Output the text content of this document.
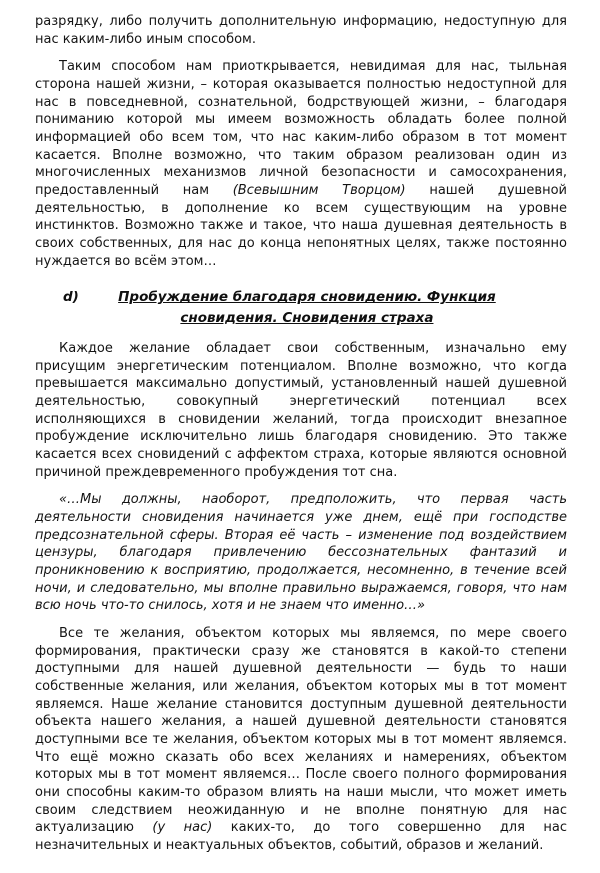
разрядку, либо получить дополнительную информацию, недоступную для нас каким-либо иным способом.

Таким способом нам приоткрывается, невидимая для нас, тыльная сторона нашей жизни, – которая оказывается полностью недоступной для нас в повседневной, сознательной, бодрствующей жизни, – благодаря пониманию которой мы имеем возможность обладать более полной информацией обо всем том, что нас каким-либо образом в тот момент касается. Вполне возможно, что таким образом реализован один из многочисленных механизмов личной безопасности и самосохранения, предоставленный нам (Всевышним Творцом) нашей душевной деятельностью, в дополнение ко всем существующим на уровне инстинктов. Возможно также и такое, что наша душевная деятельность в своих собственных, для нас до конца непонятных целях, также постоянно нуждается во всём этом…

d)	Пробуждение благодаря сновидению. Функция сновидения. Сновидения страха

Каждое желание обладает свои собственным, изначально ему присущим энергетическим потенциалом. Вполне возможно, что когда превышается максимально допустимый, установленный нашей душевной деятельностью, совокупный энергетический потенциал всех исполняющихся в сновидении желаний, тогда происходит внезапное пробуждение исключительно лишь благодаря сновидению. Это также касается всех сновидений с аффектом страха, которые являются основной причиной преждевременного пробуждения тот сна.

«…Мы должны, наоборот, предположить, что первая часть деятельности сновидения начинается уже днем, ещё при господстве предсознательной сферы. Вторая её часть – изменение под воздействием цензуры, благодаря привлечению бессознательных фантазий и проникновению к восприятию, продолжается, несомненно, в течение всей ночи, и следовательно, мы вполне правильно выражаемся, говоря, что нам всю ночь что-то снилось, хотя и не знаем что именно…»

Все те желания, объектом которых мы являемся, по мере своего формирования, практически сразу же становятся в какой-то степени доступными для нашей душевной деятельности — будь то наши собственные желания, или желания, объектом которых мы в тот момент являемся. Наше желание становится доступным душевной деятельности объекта нашего желания, а нашей душевной деятельности становятся доступными все те желания, объектом которых мы в тот момент являемся. Что ещё можно сказать обо всех желаниях и намерениях, объектом которых мы в тот момент являемся… После своего полного формирования они способны каким-то образом влиять на наши мысли, что может иметь своим следствием неожиданную и не вполне понятную для нас актуализацию (у нас) каких-то, до того совершенно для нас незначительных и неактуальных объектов, событий, образов и желаний.
